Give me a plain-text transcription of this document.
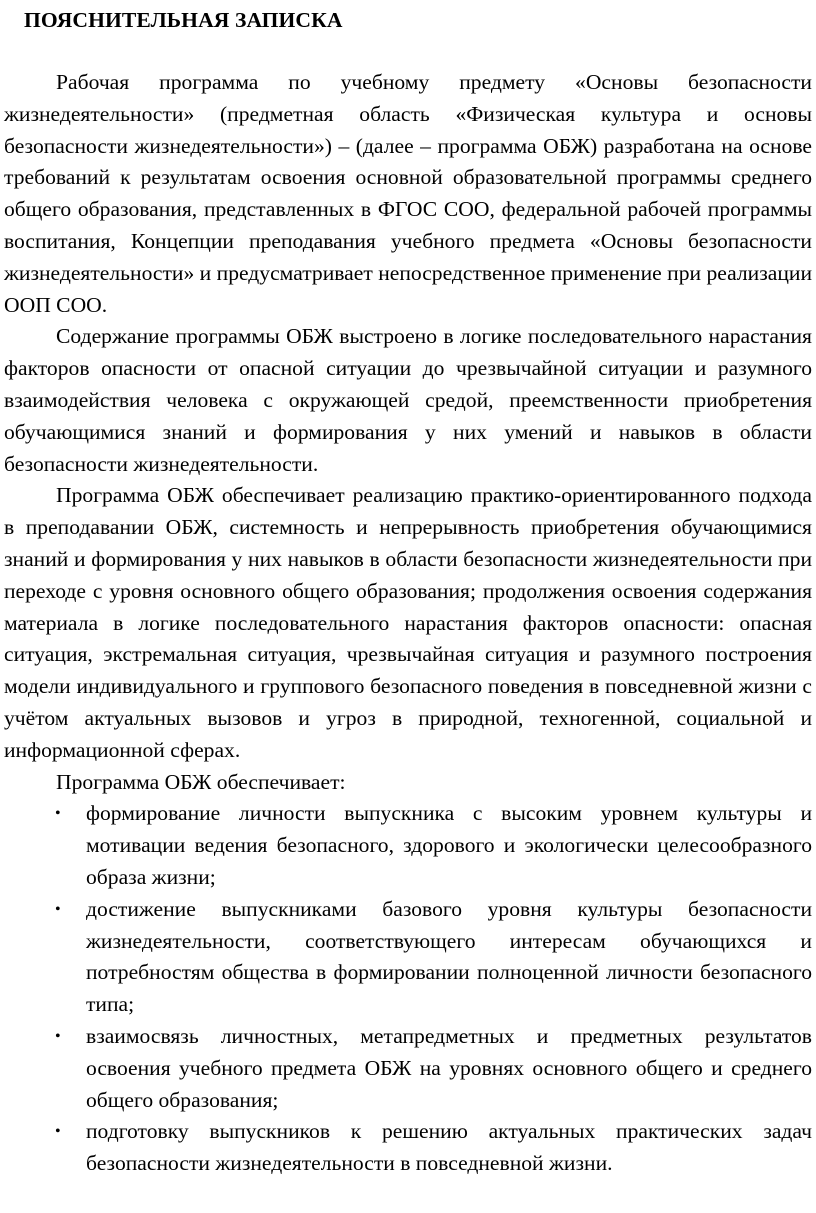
ПОЯСНИТЕЛЬНАЯ ЗАПИСКА

Рабочая программа по учебному предмету «Основы безопасности жизнедеятельности» (предметная область «Физическая культура и основы безопасности жизнедеятельности») – (далее – программа ОБЖ) разработана на основе требований к результатам освоения основной образовательной программы среднего общего образования, представленных в ФГОС СОО, федеральной рабочей программы воспитания, Концепции преподавания учебного предмета «Основы безопасности жизнедеятельности» и предусматривает непосредственное применение при реализации ООП СОО.

Содержание программы ОБЖ выстроено в логике последовательного нарастания факторов опасности от опасной ситуации до чрезвычайной ситуации и разумного взаимодействия человека с окружающей средой, преемственности приобретения обучающимися знаний и формирования у них умений и навыков в области безопасности жизнедеятельности.

Программа ОБЖ обеспечивает реализацию практико-ориентированного подхода в преподавании ОБЖ, системность и непрерывность приобретения обучающимися знаний и формирования у них навыков в области безопасности жизнедеятельности при переходе с уровня основного общего образования; продолжения освоения содержания материала в логике последовательного нарастания факторов опасности: опасная ситуация, экстремальная ситуация, чрезвычайная ситуация и разумного построения модели индивидуального и группового безопасного поведения в повседневной жизни с учётом актуальных вызовов и угроз в природной, техногенной, социальной и информационной сферах.

Программа ОБЖ обеспечивает:

• формирование личности выпускника с высоким уровнем культуры и мотивации ведения безопасного, здорового и экологически целесообразного образа жизни;
• достижение выпускниками базового уровня культуры безопасности жизнедеятельности, соответствующего интересам обучающихся и потребностям общества в формировании полноценной личности безопасного типа;
• взаимосвязь личностных, метапредметных и предметных результатов освоения учебного предмета ОБЖ на уровнях основного общего и среднего общего образования;
• подготовку выпускников к решению актуальных практических задач безопасности жизнедеятельности в повседневной жизни.
